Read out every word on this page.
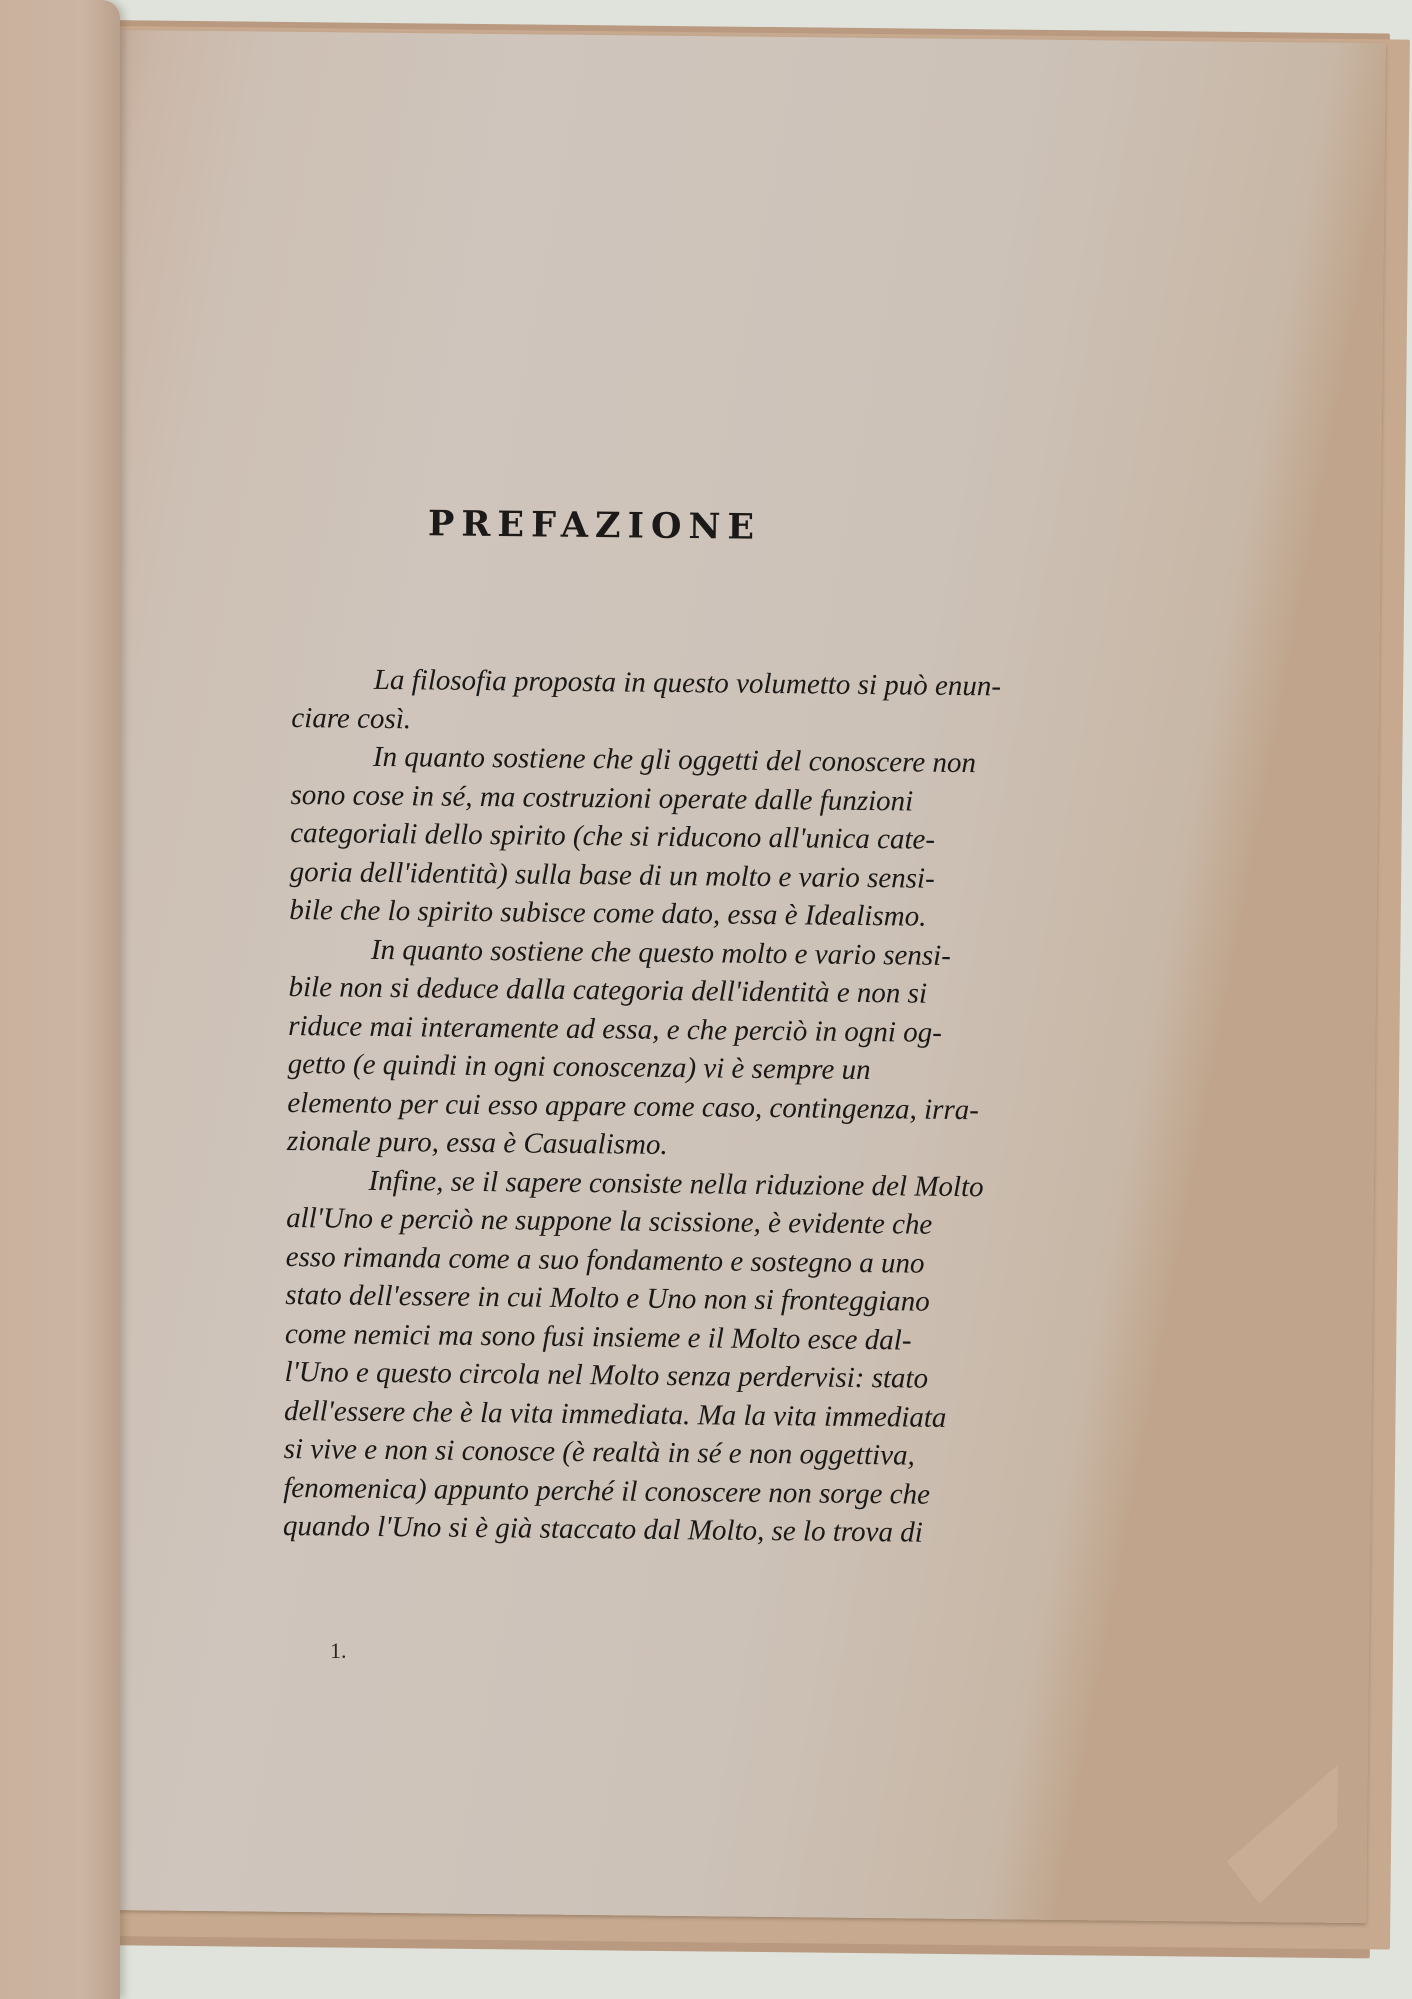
PREFAZIONE
La filosofia proposta in questo volumetto si può enun-
ciare così.
In quanto sostiene che gli oggetti del conoscere non
sono cose in sé, ma costruzioni operate dalle funzioni
categoriali dello spirito (che si riducono all'unica cate-
goria dell'identità) sulla base di un molto e vario sensi-
bile che lo spirito subisce come dato, essa è Idealismo.
In quanto sostiene che questo molto e vario sensi-
bile non si deduce dalla categoria dell'identità e non si
riduce mai interamente ad essa, e che perciò in ogni og-
getto (e quindi in ogni conoscenza) vi è sempre un
elemento per cui esso appare come caso, contingenza, irra-
zionale puro, essa è Casualismo.
Infine, se il sapere consiste nella riduzione del Molto
all'Uno e perciò ne suppone la scissione, è evidente che
esso rimanda come a suo fondamento e sostegno a uno
stato dell'essere in cui Molto e Uno non si fronteggiano
come nemici ma sono fusi insieme e il Molto esce dal-
l'Uno e questo circola nel Molto senza perdervisi: stato
dell'essere che è la vita immediata. Ma la vita immediata
si vive e non si conosce (è realtà in sé e non oggettiva,
fenomenica) appunto perché il conoscere non sorge che
quando l'Uno si è già staccato dal Molto, se lo trova di
1.
